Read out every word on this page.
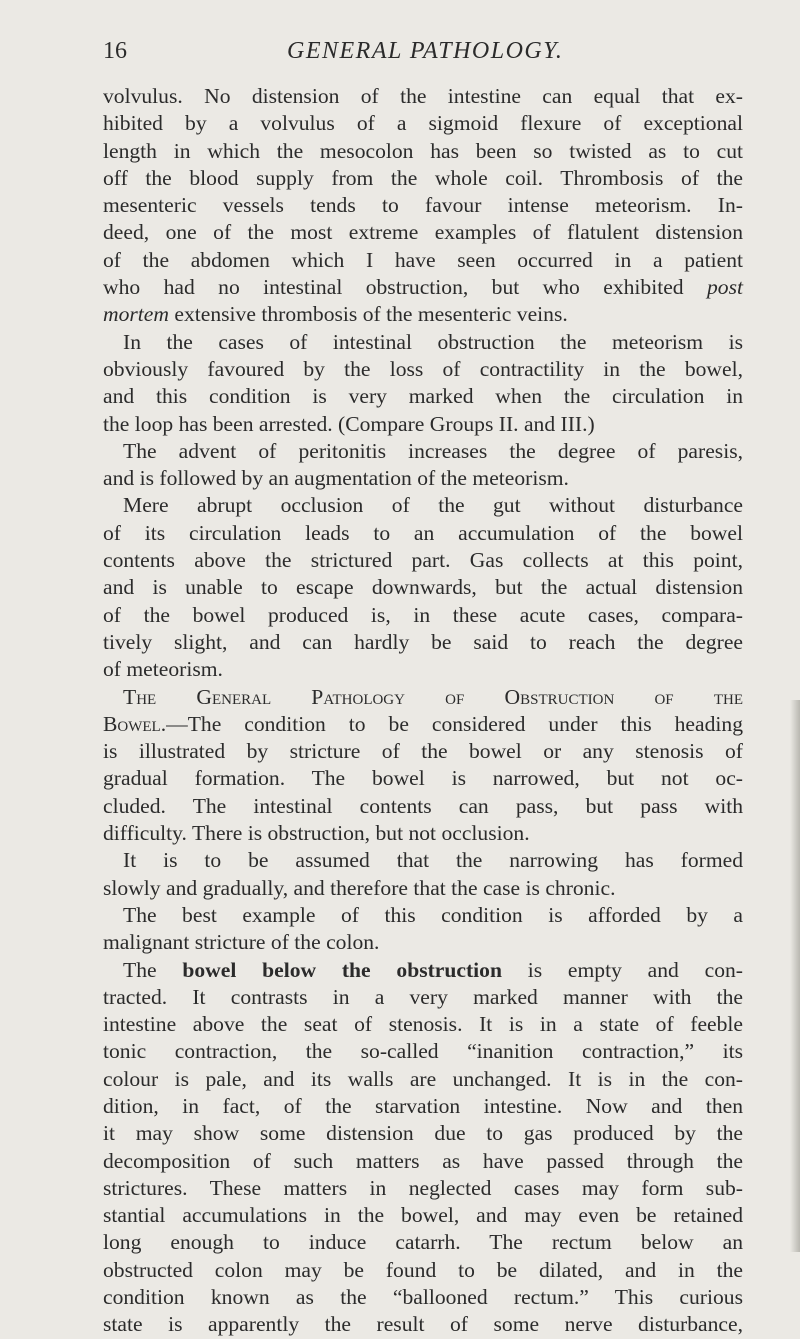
16	GENERAL PATHOLOGY.
volvulus. No distension of the intestine can equal that ex-
hibited by a volvulus of a sigmoid flexure of exceptional
length in which the mesocolon has been so twisted as to cut
off the blood supply from the whole coil. Thrombosis of the
mesenteric vessels tends to favour intense meteorism. In-
deed, one of the most extreme examples of flatulent distension
of the abdomen which I have seen occurred in a patient
who had no intestinal obstruction, but who exhibited post
mortem extensive thrombosis of the mesenteric veins.
In the cases of intestinal obstruction the meteorism is
obviously favoured by the loss of contractility in the bowel,
and this condition is very marked when the circulation in
the loop has been arrested. (Compare Groups II. and III.)
The advent of peritonitis increases the degree of paresis,
and is followed by an augmentation of the meteorism.
Mere abrupt occlusion of the gut without disturbance
of its circulation leads to an accumulation of the bowel
contents above the strictured part. Gas collects at this point,
and is unable to escape downwards, but the actual distension
of the bowel produced is, in these acute cases, compara-
tively slight, and can hardly be said to reach the degree
of meteorism.
The General Pathology of Obstruction of the
Bowel.—The condition to be considered under this heading
is illustrated by stricture of the bowel or any stenosis of
gradual formation. The bowel is narrowed, but not oc-
cluded. The intestinal contents can pass, but pass with
difficulty. There is obstruction, but not occlusion.
It is to be assumed that the narrowing has formed
slowly and gradually, and therefore that the case is chronic.
The best example of this condition is afforded by a
malignant stricture of the colon.
The bowel below the obstruction is empty and con-
tracted. It contrasts in a very marked manner with the
intestine above the seat of stenosis. It is in a state of feeble
tonic contraction, the so-called “inanition contraction,” its
colour is pale, and its walls are unchanged. It is in the con-
dition, in fact, of the starvation intestine. Now and then
it may show some distension due to gas produced by the
decomposition of such matters as have passed through the
strictures. These matters in neglected cases may form sub-
stantial accumulations in the bowel, and may even be retained
long enough to induce catarrh. The rectum below an
obstructed colon may be found to be dilated, and in the
condition known as the “ballooned rectum.” This curious
state is apparently the result of some nerve disturbance,
